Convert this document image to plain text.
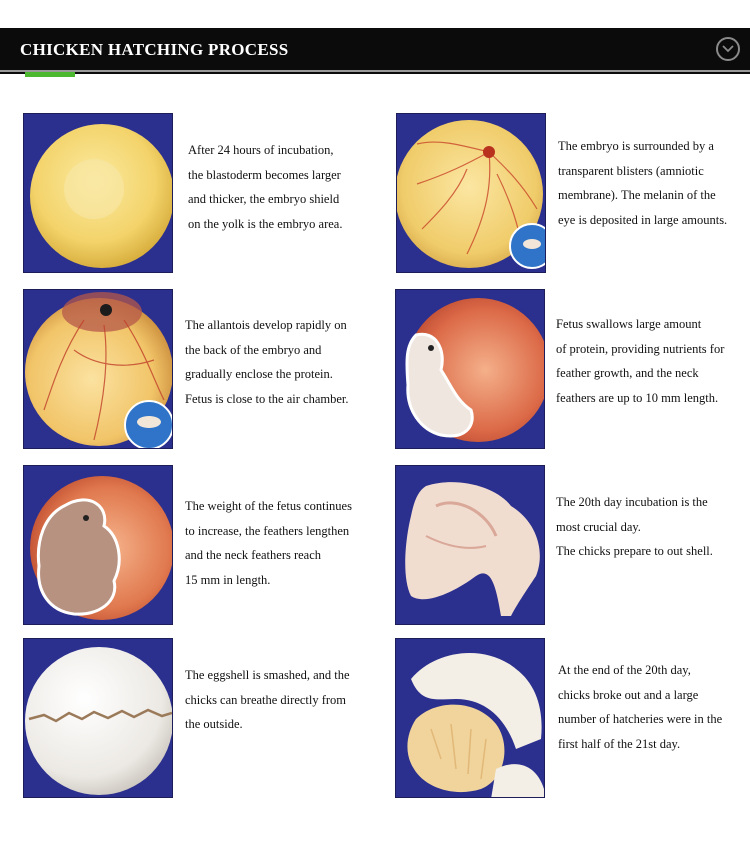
CHICKEN HATCHING PROCESS
After 24 hours of incubation,
the blastoderm becomes larger
and thicker, the embryo shield
on the yolk is the embryo area.
The embryo is surrounded by a
transparent blisters (amniotic
membrane). The melanin of the
eye is deposited in large amounts.
The allantois develop rapidly on
the back of the embryo and
gradually enclose the protein.
Fetus is close to the air chamber.
Fetus swallows large amount
of protein, providing nutrients for
feather growth, and the neck
feathers are up to 10 mm length.
The weight of the fetus continues
to increase, the feathers lengthen
and the neck feathers reach
15 mm in length.
The 20th day incubation is the
most crucial day.
The chicks prepare to out shell.
The eggshell is smashed, and the
chicks can breathe directly from
the outside.
At the end of the 20th day,
chicks broke out and a large
number of hatcheries were in the
first half of the 21st day.
